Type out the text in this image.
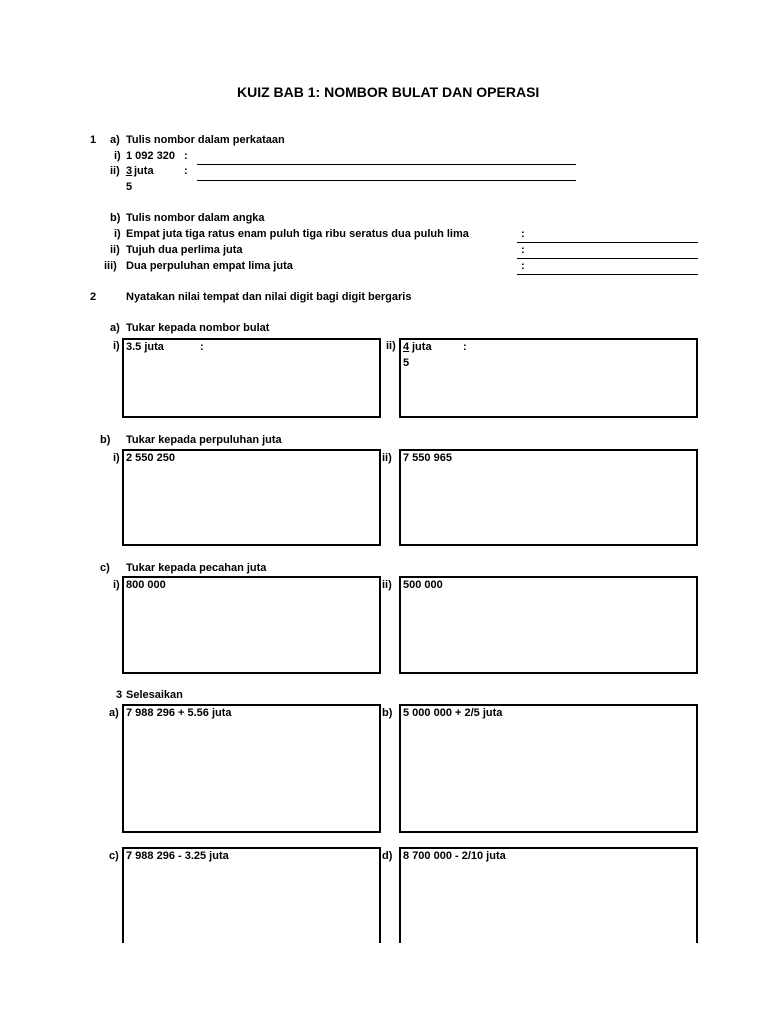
KUIZ BAB 1: NOMBOR BULAT DAN OPERASI
1 a) Tulis nombor dalam perkataan
i) 1 092 320 :
ii) 3 juta	:
5
b) Tulis nombor dalam angka
i) Empat juta tiga ratus enam puluh tiga ribu seratus dua puluh lima	:
ii) Tujuh dua perlima juta	:
iii) Dua perpuluhan empat lima juta	:
2	Nyatakan nilai tempat dan nilai digit bagi digit bergaris
a) Tukar kepada nombor bulat
i) 3.5 juta	:	ii) 4 juta	:
5
b) Tukar kepada perpuluhan juta
i) 2 550 250	ii) 7 550 965
c) Tukar kepada pecahan juta
i) 800 000	ii) 500 000
3 Selesaikan
a) 7 988 296 + 5.56 juta	b) 5 000 000 + 2/5 juta
c) 7 988 296 - 3.25 juta	d) 8 700 000 - 2/10 juta
